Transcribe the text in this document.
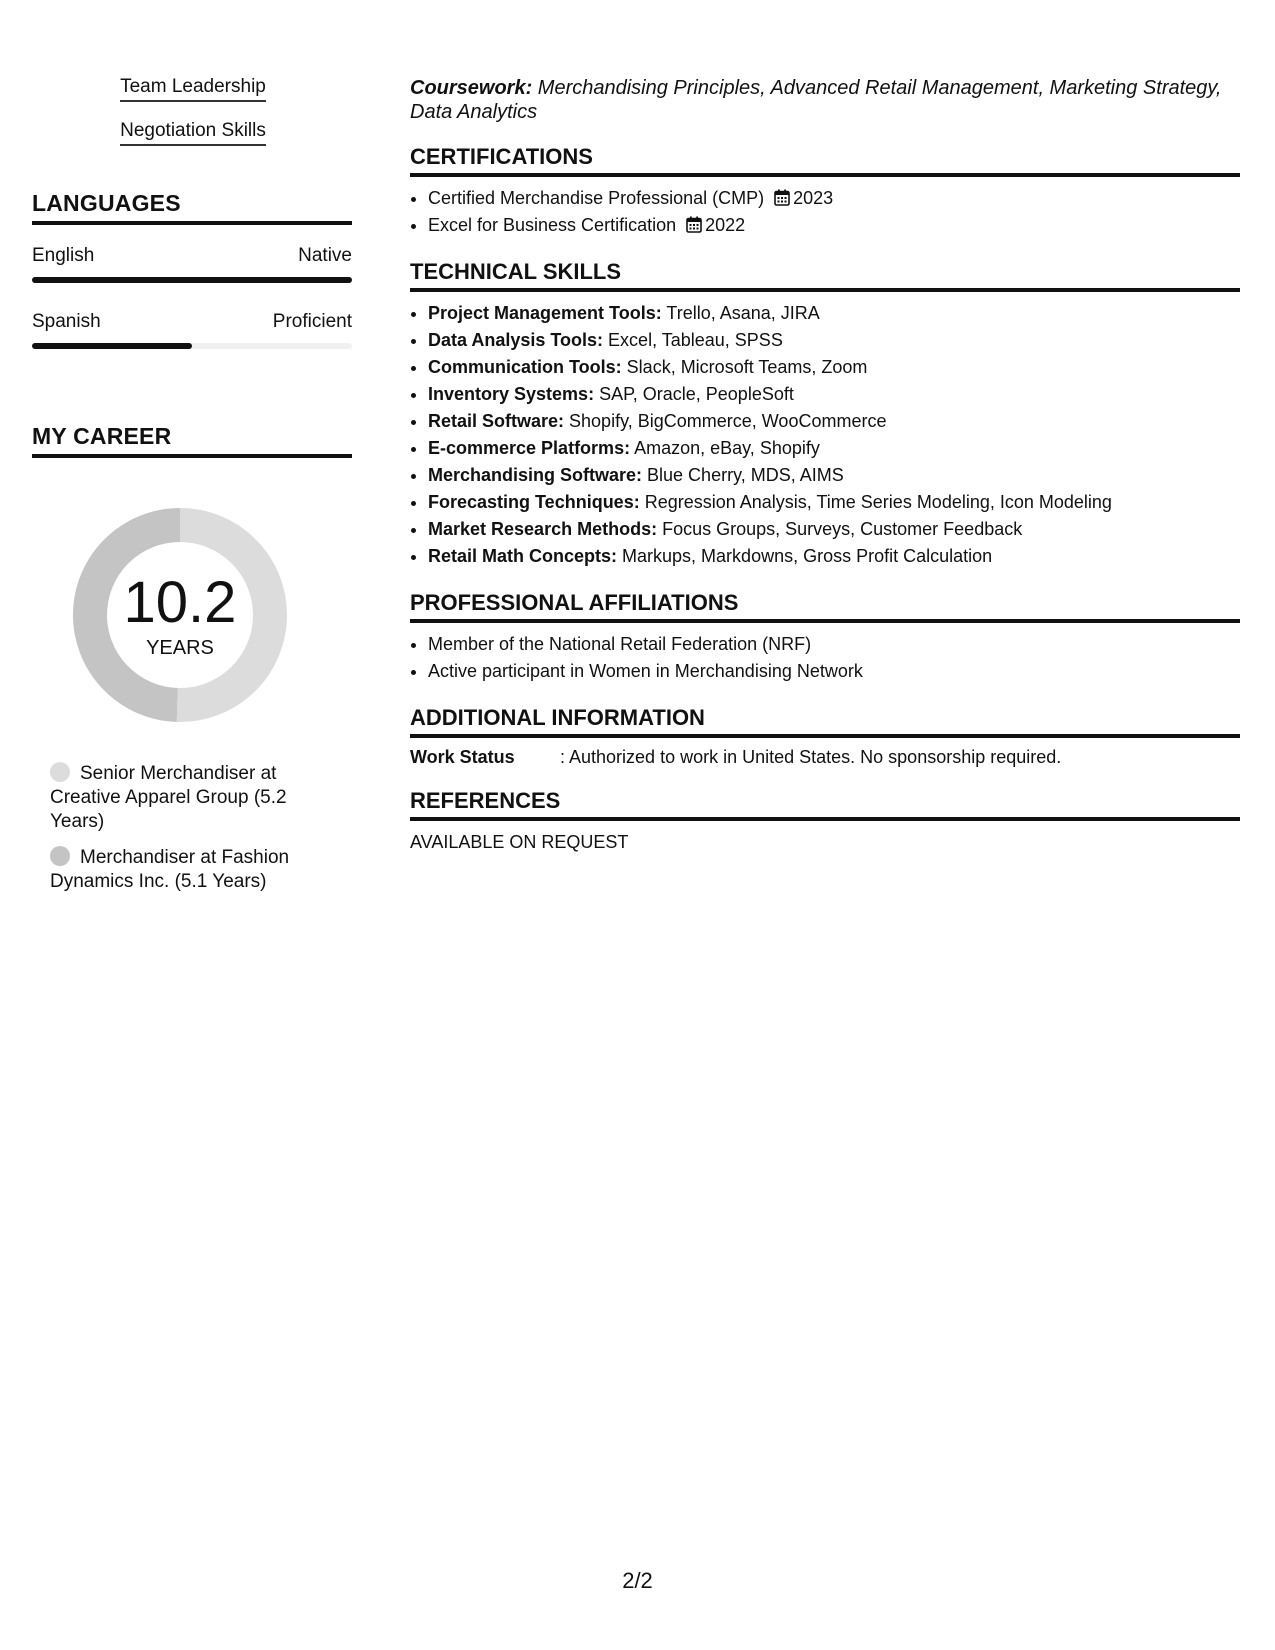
Team Leadership
Negotiation Skills
LANGUAGES
English	Native
Spanish	Proficient
MY CAREER
10.2
YEARS
Senior Merchandiser at Creative Apparel Group (5.2 Years)
Merchandiser at Fashion Dynamics Inc. (5.1 Years)

Coursework: Merchandising Principles, Advanced Retail Management, Marketing Strategy, Data Analytics

CERTIFICATIONS
• Certified Merchandise Professional (CMP) 2023
• Excel for Business Certification 2022
TECHNICAL SKILLS
• Project Management Tools: Trello, Asana, JIRA
• Data Analysis Tools: Excel, Tableau, SPSS
• Communication Tools: Slack, Microsoft Teams, Zoom
• Inventory Systems: SAP, Oracle, PeopleSoft
• Retail Software: Shopify, BigCommerce, WooCommerce
• E-commerce Platforms: Amazon, eBay, Shopify
• Merchandising Software: Blue Cherry, MDS, AIMS
• Forecasting Techniques: Regression Analysis, Time Series Modeling, Icon Modeling
• Market Research Methods: Focus Groups, Surveys, Customer Feedback
• Retail Math Concepts: Markups, Markdowns, Gross Profit Calculation
PROFESSIONAL AFFILIATIONS
• Member of the National Retail Federation (NRF)
• Active participant in Women in Merchandising Network
ADDITIONAL INFORMATION
Work Status	: Authorized to work in United States. No sponsorship required.
REFERENCES
AVAILABLE ON REQUEST
2/2
